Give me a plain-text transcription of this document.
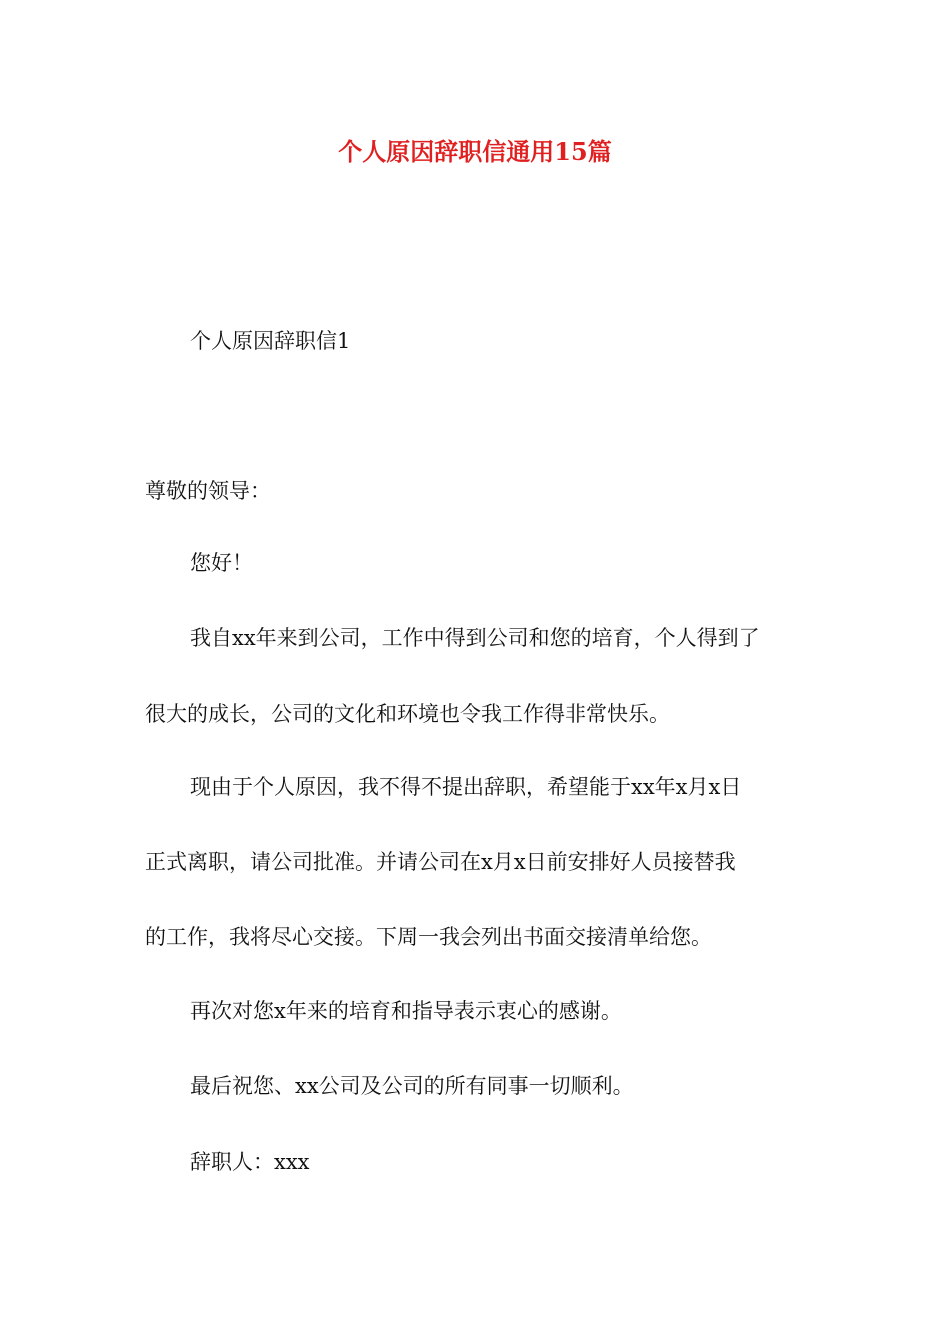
个人原因辞职信通用15篇
个人原因辞职信1
尊敬的领导：
您好！
我自xx年来到公司，工作中得到公司和您的培育，个人得到了
很大的成长，公司的文化和环境也令我工作得非常快乐。
现由于个人原因，我不得不提出辞职，希望能于xx年x月x日
正式离职，请公司批准。并请公司在x月x日前安排好人员接替我
的工作，我将尽心交接。下周一我会列出书面交接清单给您。
再次对您x年来的培育和指导表示衷心的感谢。
最后祝您、xx公司及公司的所有同事一切顺利。
辞职人：xxx
